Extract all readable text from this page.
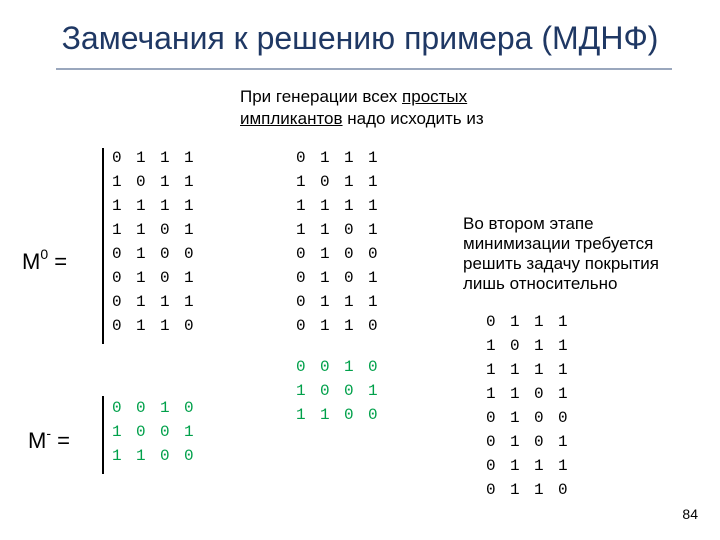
Замечания к решению примера (МДНФ)
При генерации всех простых
импликантов надо исходить из
$M^0$ =
0 1 1 1
1 0 1 1
1 1 1 1
1 1 0 1
0 1 0 0
0 1 0 1
0 1 1 1
0 1 1 0
M- =
0 0 1 0
1 0 0 1
1 1 0 0
0 1 1 1
1 0 1 1
1 1 1 1
1 1 0 1
0 1 0 0
0 1 0 1
0 1 1 1
0 1 1 0
0 0 1 0
1 0 0 1
1 1 0 0
Во втором этапе
минимизации требуется
решить задачу покрытия
лишь относительно
0 1 1 1
1 0 1 1
1 1 1 1
1 1 0 1
0 1 0 0
0 1 0 1
0 1 1 1
0 1 1 0
84
